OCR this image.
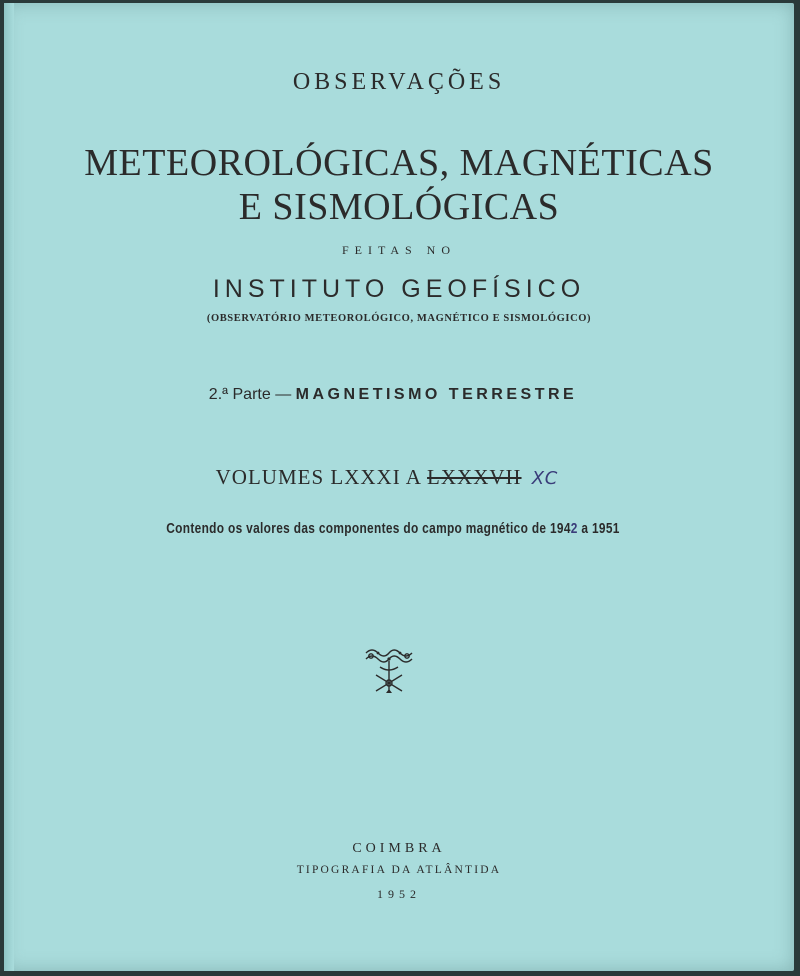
OBSERVAÇÕES
METEOROLÓGICAS, MAGNÉTICAS
E SISMOLÓGICAS
FEITAS NO
INSTITUTO GEOFÍSICO
(OBSERVATÓRIO METEOROLÓGICO, MAGNÉTICO E SISMOLÓGICO)
2.ª Parte — MAGNETISMO TERRESTRE
VOLUMES LXXXI A LXXXVII XC
Contendo os valores das componentes do campo magnético de 1942 a 1951
COIMBRA
TIPOGRAFIA DA ATLÂNTIDA
1952
